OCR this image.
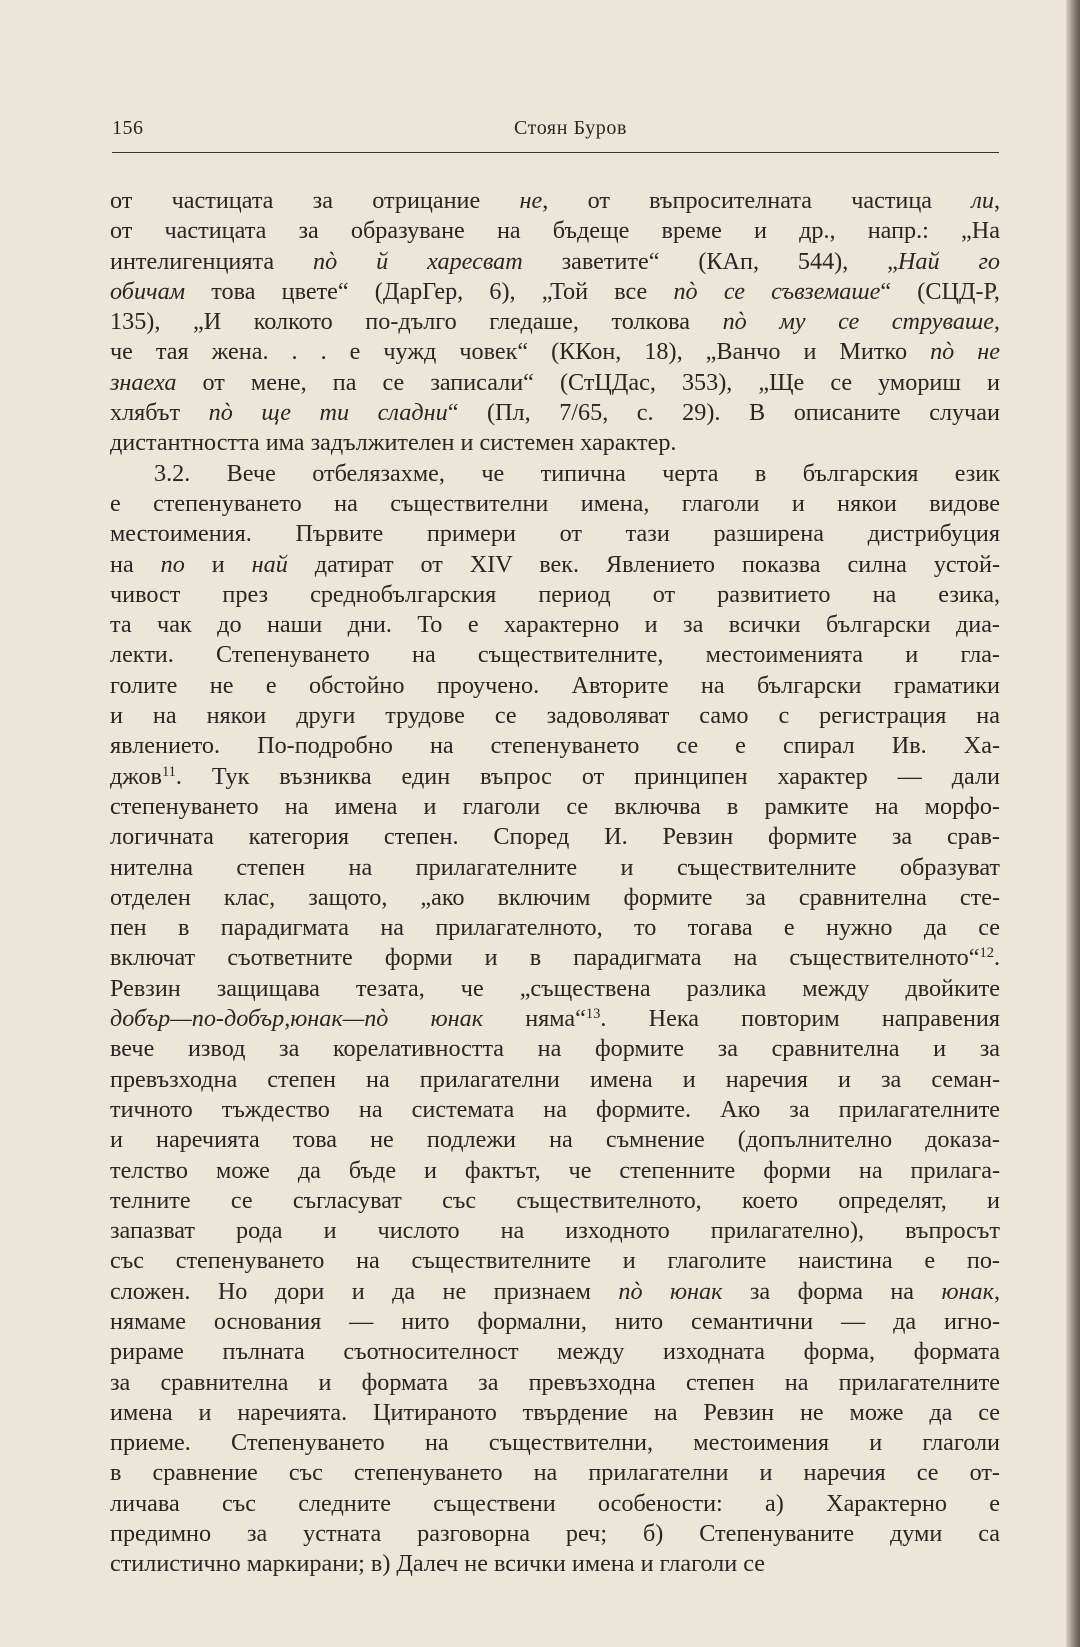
156	Стоян Буров
от частицата за отрицание не, от въпросителната частица ли,
от частицата за образуване на бъдеще време и др., напр.: „На
интелигенцията пò й харесват заветите“ (КАп, 544), „Най го
обичам това цвете“ (ДарГер, 6), „Той все пò се съвземаше“ (СЦД-Р,
135), „И колкото по-дълго гледаше, толкова пò му се струваше,
че тая жена. . . е чужд човек“ (ККон, 18), „Ванчо и Митко пò не
знаеха от мене, па се записали“ (СтЦДас, 353), „Ще се умориш и
хлябът пò ще ти сладни“ (Пл, 7/65, с. 29). В описаните случаи
дистантността има задължителен и системен характер.
3.2. Вече отбелязахме, че типична черта в българския език
е степенуването на съществителни имена, глаголи и някои видове
местоимения. Първите примери от тази разширена дистрибуция
на по и най датират от XIV век. Явлението показва силна устой-
чивост през среднобългарския период от развитието на езика,
та чак до наши дни. То е характерно и за всички български диа-
лекти. Степенуването на съществителните, местоименията и гла-
голите не е обстойно проучено. Авторите на български граматики
и на някои други трудове се задоволяват само с регистрация на
явлението. По-подробно на степенуването се е спирал Ив. Ха-
джов$^{11}$. Тук възниква един въпрос от принципен характер — дали
степенуването на имена и глаголи се включва в рамките на морфо-
логичната категория степен. Според И. Ревзин формите за срав-
нителна степен на прилагателните и съществителните образуват
отделен клас, защото, „ако включим формите за сравнителна сте-
пен в парадигмата на прилагателното, то тогава е нужно да се
включат съответните форми и в парадигмата на съществителното“$^{12}$.
Ревзин защищава тезата, че „съществена разлика между двойките
добър—по-добър,юнак—пò юнак няма“$^{13}$. Нека повторим направения
вече извод за корелативността на формите за сравнителна и за
превъзходна степен на прилагателни имена и наречия и за семан-
тичното тъждество на системата на формите. Ако за прилагателните
и наречията това не подлежи на съмнение (допълнително доказа-
телство може да бъде и фактът, че степенните форми на прилага-
телните се съгласуват със съществителното, което определят, и
запазват рода и числото на изходното прилагателно), въпросът
със степенуването на съществителните и глаголите наистина е по-
сложен. Но дори и да не признаем пò юнак за форма на юнак,
нямаме основания — нито формални, нито семантични — да игно-
рираме пълната съотносителност между изходната форма, формата
за сравнителна и формата за превъзходна степен на прилагателните
имена и наречията. Цитираното твърдение на Ревзин не може да се
приеме. Степенуването на съществителни, местоимения и глаголи
в сравнение със степенуването на прилагателни и наречия се от-
личава със следните съществени особености: а) Характерно е
предимно за устната разговорна реч; б) Степенуваните думи са
стилистично маркирани; в) Далеч не всички имена и глаголи се
